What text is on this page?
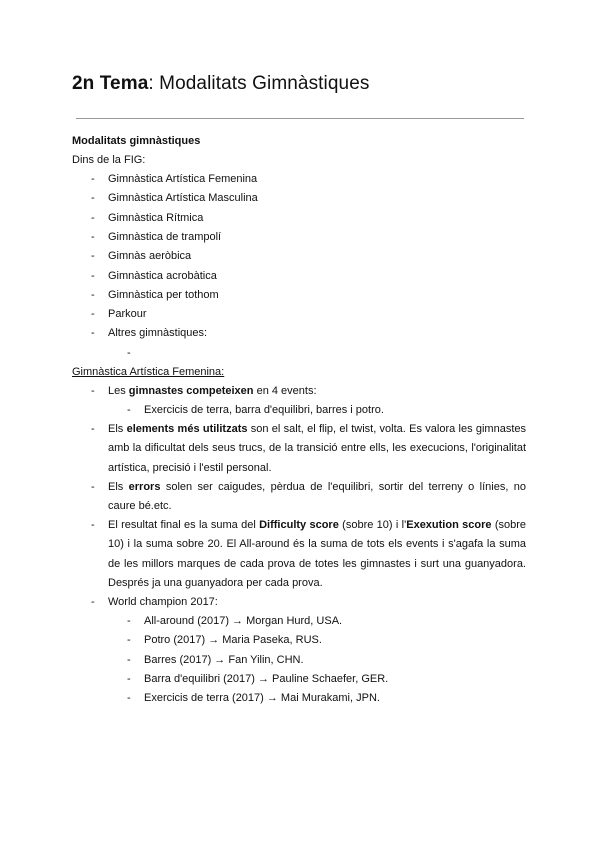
2n Tema: Modalitats Gimnàstiques
Modalitats gimnàstiques
Dins de la FIG:
-	Gimnàstica Artística Femenina
-	Gimnàstica Artística Masculina
-	Gimnàstica Rítmica
-	Gimnàstica de trampolí
-	Gimnàs aeròbica
-	Gimnàstica acrobàtica
-	Gimnàstica per tothom
-	Parkour
-	Altres gimnàstiques:
-
Gimnàstica Artística Femenina:
-	Les gimnastes competeixen en 4 events:
-	Exercicis de terra, barra d'equilibri, barres i potro.
-	Els elements més utilitzats son el salt, el flip, el twist, volta. Es valora les gimnastes amb la dificultat dels seus trucs, de la transició entre ells, les execucions, l'originalitat artística, precisió i l'estil personal.
-	Els errors solen ser caigudes, pèrdua de l'equilibri, sortir del terreny o línies, no caure bé.etc.
-	El resultat final es la suma del Difficulty score (sobre 10) i l'Exexution score (sobre 10) i la suma sobre 20. El All-around és la suma de tots els events i s'agafa la suma de les millors marques de cada prova de totes les gimnastes i surt una guanyadora. Després ja una guanyadora per cada prova.
-	World champion 2017:
-	All-around (2017) → Morgan Hurd, USA.
-	Potro (2017) → Maria Paseka, RUS.
-	Barres (2017) → Fan Yilin, CHN.
-	Barra d'equilibri (2017) → Pauline Schaefer, GER.
-	Exercicis de terra (2017) → Mai Murakami, JPN.
